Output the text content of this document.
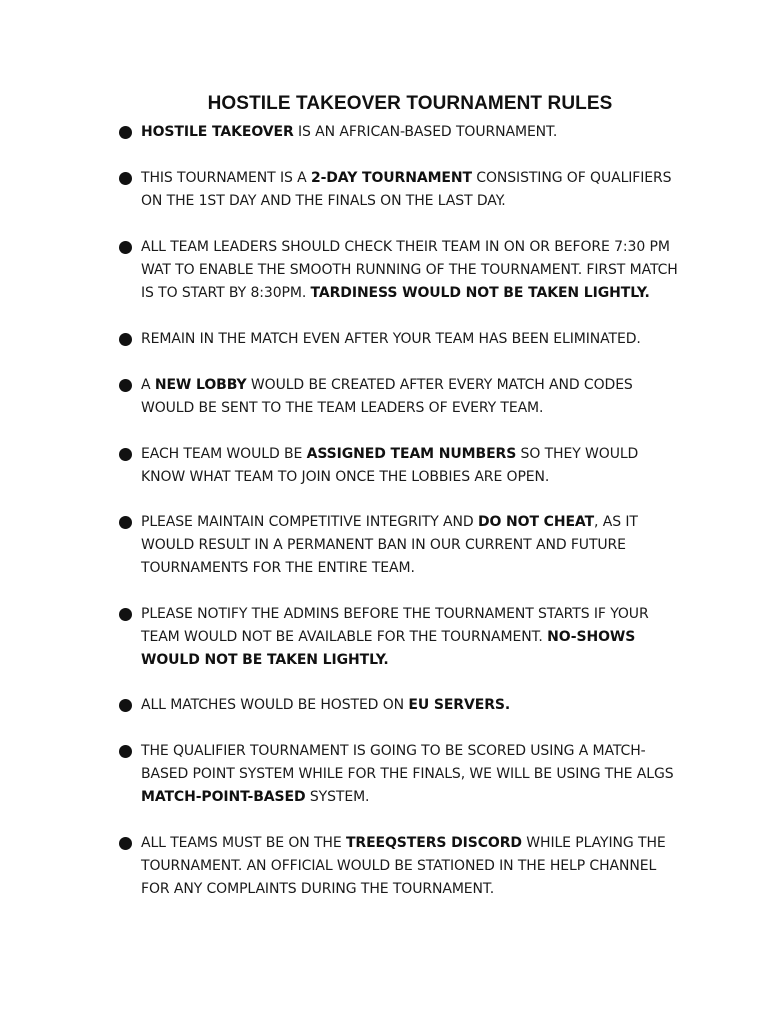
HOSTILE TAKEOVER TOURNAMENT RULES
HOSTILE TAKEOVER IS AN AFRICAN-BASED TOURNAMENT.
THIS TOURNAMENT IS A 2-DAY TOURNAMENT CONSISTING OF QUALIFIERS ON THE 1ST DAY AND THE FINALS ON THE LAST DAY.
ALL TEAM LEADERS SHOULD CHECK THEIR TEAM IN ON OR BEFORE 7:30 PM WAT TO ENABLE THE SMOOTH RUNNING OF THE TOURNAMENT. FIRST MATCH IS TO START BY 8:30PM. TARDINESS WOULD NOT BE TAKEN LIGHTLY.
REMAIN IN THE MATCH EVEN AFTER YOUR TEAM HAS BEEN ELIMINATED.
A NEW LOBBY WOULD BE CREATED AFTER EVERY MATCH AND CODES WOULD BE SENT TO THE TEAM LEADERS OF EVERY TEAM.
EACH TEAM WOULD BE ASSIGNED TEAM NUMBERS SO THEY WOULD KNOW WHAT TEAM TO JOIN ONCE THE LOBBIES ARE OPEN.
PLEASE MAINTAIN COMPETITIVE INTEGRITY AND DO NOT CHEAT, AS IT WOULD RESULT IN A PERMANENT BAN IN OUR CURRENT AND FUTURE TOURNAMENTS FOR THE ENTIRE TEAM.
PLEASE NOTIFY THE ADMINS BEFORE THE TOURNAMENT STARTS IF YOUR TEAM WOULD NOT BE AVAILABLE FOR THE TOURNAMENT. NO-SHOWS WOULD NOT BE TAKEN LIGHTLY.
ALL MATCHES WOULD BE HOSTED ON EU SERVERS.
THE QUALIFIER TOURNAMENT IS GOING TO BE SCORED USING A MATCH-BASED POINT SYSTEM WHILE FOR THE FINALS, WE WILL BE USING THE ALGS MATCH-POINT-BASED SYSTEM.
ALL TEAMS MUST BE ON THE TREEQSTERS DISCORD WHILE PLAYING THE TOURNAMENT. AN OFFICIAL WOULD BE STATIONED IN THE HELP CHANNEL FOR ANY COMPLAINTS DURING THE TOURNAMENT.
